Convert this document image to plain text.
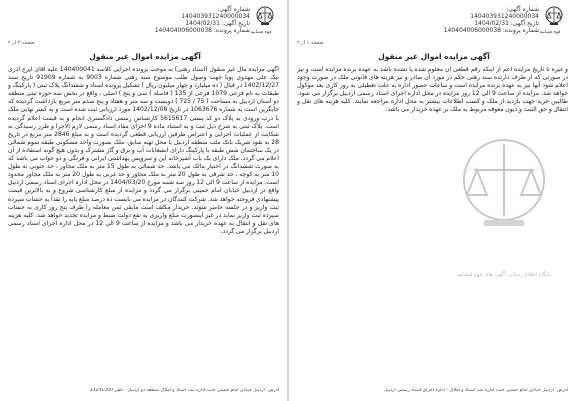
شماره آگهی: 140403931240000034
تاریخ آگهی: 1404/02/31
شماره پرونده: 140404006000038 قوه قضاییه
صفحه ۲ از ۲
آگهی مزایده اموال غیر منقول
آگهی مزایده مال غیر منقول (اسناد رهنی) به موجب پرونده اجرایی کلاسه 140400041 علیه آقای ایرج آذری نیک علی مهدوی پویا جهت وصول طلب موضوع سند رهنی شماره 9003 به شماره 91909 تاریخ سند 1402/12/27 در قبال ( ده میلیارد و چهار میلیون ریال ) تشکیل پرونده اسناد و ششدانگ پلاک ثبتی ( پارکینگ و طبقات به نام فرعی 1079 فرعی از 135 ( فاصله ) سی و پنج ) اصلی ، واقع در بخش سه حوزه ثبتی منطقه دو استان اردبیل به مساحت ( 75 / 725 ) دویست و سه متر و هفتاد و پنج صدم متر مربع بازداشت گردیده که جایگزین است به شماره 1063676 در تاریخ 1402/12/08 مورد ارزیابی ثبت شده است و به کسر نهایی ملک با درب ورودی به پلاک دو کد پستی 5615617 کارشناس رسمی دادگستری انجام و به قیمت اعلام گردیده است. پلاک ثبتی به شرح ذیل ثبت و به استناد ماده 9 اجرای مفاد اسناد رسمی لازم الاجرا و طرز رسیدگی به شکایت از عملیات اجرایی و اعتراض طرفین ارزیابی قطعی گردیده است و به مبلغ 2846 متر مربع در تاریخ 28 به نفوذ شریک بانک ملت منطقه اردبیل با محل تهیه سابق. ملک بصورت واحد مسکونی طبقه سوم شمالی در یک ساختمان شش طبقه با پارکینگ دارای انشعابات آب و برق و گاز مشترک و بدون هیچ گونه استفاده از آن اعلام می گردد. ملک دارای یک باب آشپزخانه اپن و سرویس بهداشتی ایرانی و فرنگی و دو خواب می باشد که به صورت ششدانگ در اختیار مالک می باشد. حد شمالی به طول 15 متر به ملک مجاور ، حد جنوبی به طول 10 متر به کوچه ، حد شرقی به طول 20 متر به ملک مجاور و حد غربی به طول 20 متر به ملک مجاور محدود است. مزایده از ساعت 9 الی 12 روز سه شنبه مورخ 1404/03/20 در محل اداره اجرای اسناد رسمی اردبیل واقع در اردبیل خیابان امام خمینی برگزار می گردد و مزایده از مبلغ کارشناسی شروع و به بالاترین قیمت پیشنهادی فروخته خواهد شد. شرکت کنندگان در مزایده می بایست ده درصد مبلغ پایه را نقداً به حساب سپرده ثبت واریز و در جلسه حاضر شوند. خریدار مکلف است مابقی ثمن معامله را ظرف پنج روز کاری به حساب سپرده ثبت واریز نماید در غیر اینصورت مبلغ واریزی به نفع دولت ضبط و مزایده تجدید خواهد شد. کلیه هزینه های نقل و انتقال به عهده خریدار می باشد و مزایده از ساعت 9 الی 12 در محل اداره اجرای اسناد رسمی اردبیل برگزار می گردد.
آدرس: اردبیل خیابان امام خمینی جنب اداره ثبت اسناد و املاک منطقه دو اردبیل - تلفن 33241500
شماره آگهی: 140403931240000034
تاریخ آگهی: 1404/02/31
شماره پرونده: 140404006000038 قوه قضاییه
صفحه ۱ از ۲
آگهی مزایده اموال غیر منقول
و غیره تا تاریخ مزایده اعم از اینکه رقم قطعی آن معلوم شده یا نشده باشد به عهده برنده مزایده است و نیز در صورتی که از طرف دارنده سند رهنی حکم در مورد آن صادر و نیز هزینه های قانونی ملک در صورت وجود اعلام شود آنها نیز به عهده برنده مزایده است و ساعات حضور اداره به علت تعطیلی به روز کاری بعد موکول خواهد شد. مزایده از ساعت 9 الی 12 روز مزایده در محل اداره اجرای اسناد رسمی اردبیل برگزار می شود. طالبین خرید جهت بازدید از ملک و کسب اطلاعات بیشتر به محل اداره مراجعه نمایند. کلیه هزینه های نقل و انتقال و حق الثبت و دیون معوقه مربوط به ملک بر عهده خریدار می باشد.
پایگاه اطلاع رسانی آگهی های قوه قضاییه
آدرس: اردبیل خیابان امام خمینی جنب اداره ثبت اسناد و املاک - اداره اجرای اسناد رسمی اردبیل
